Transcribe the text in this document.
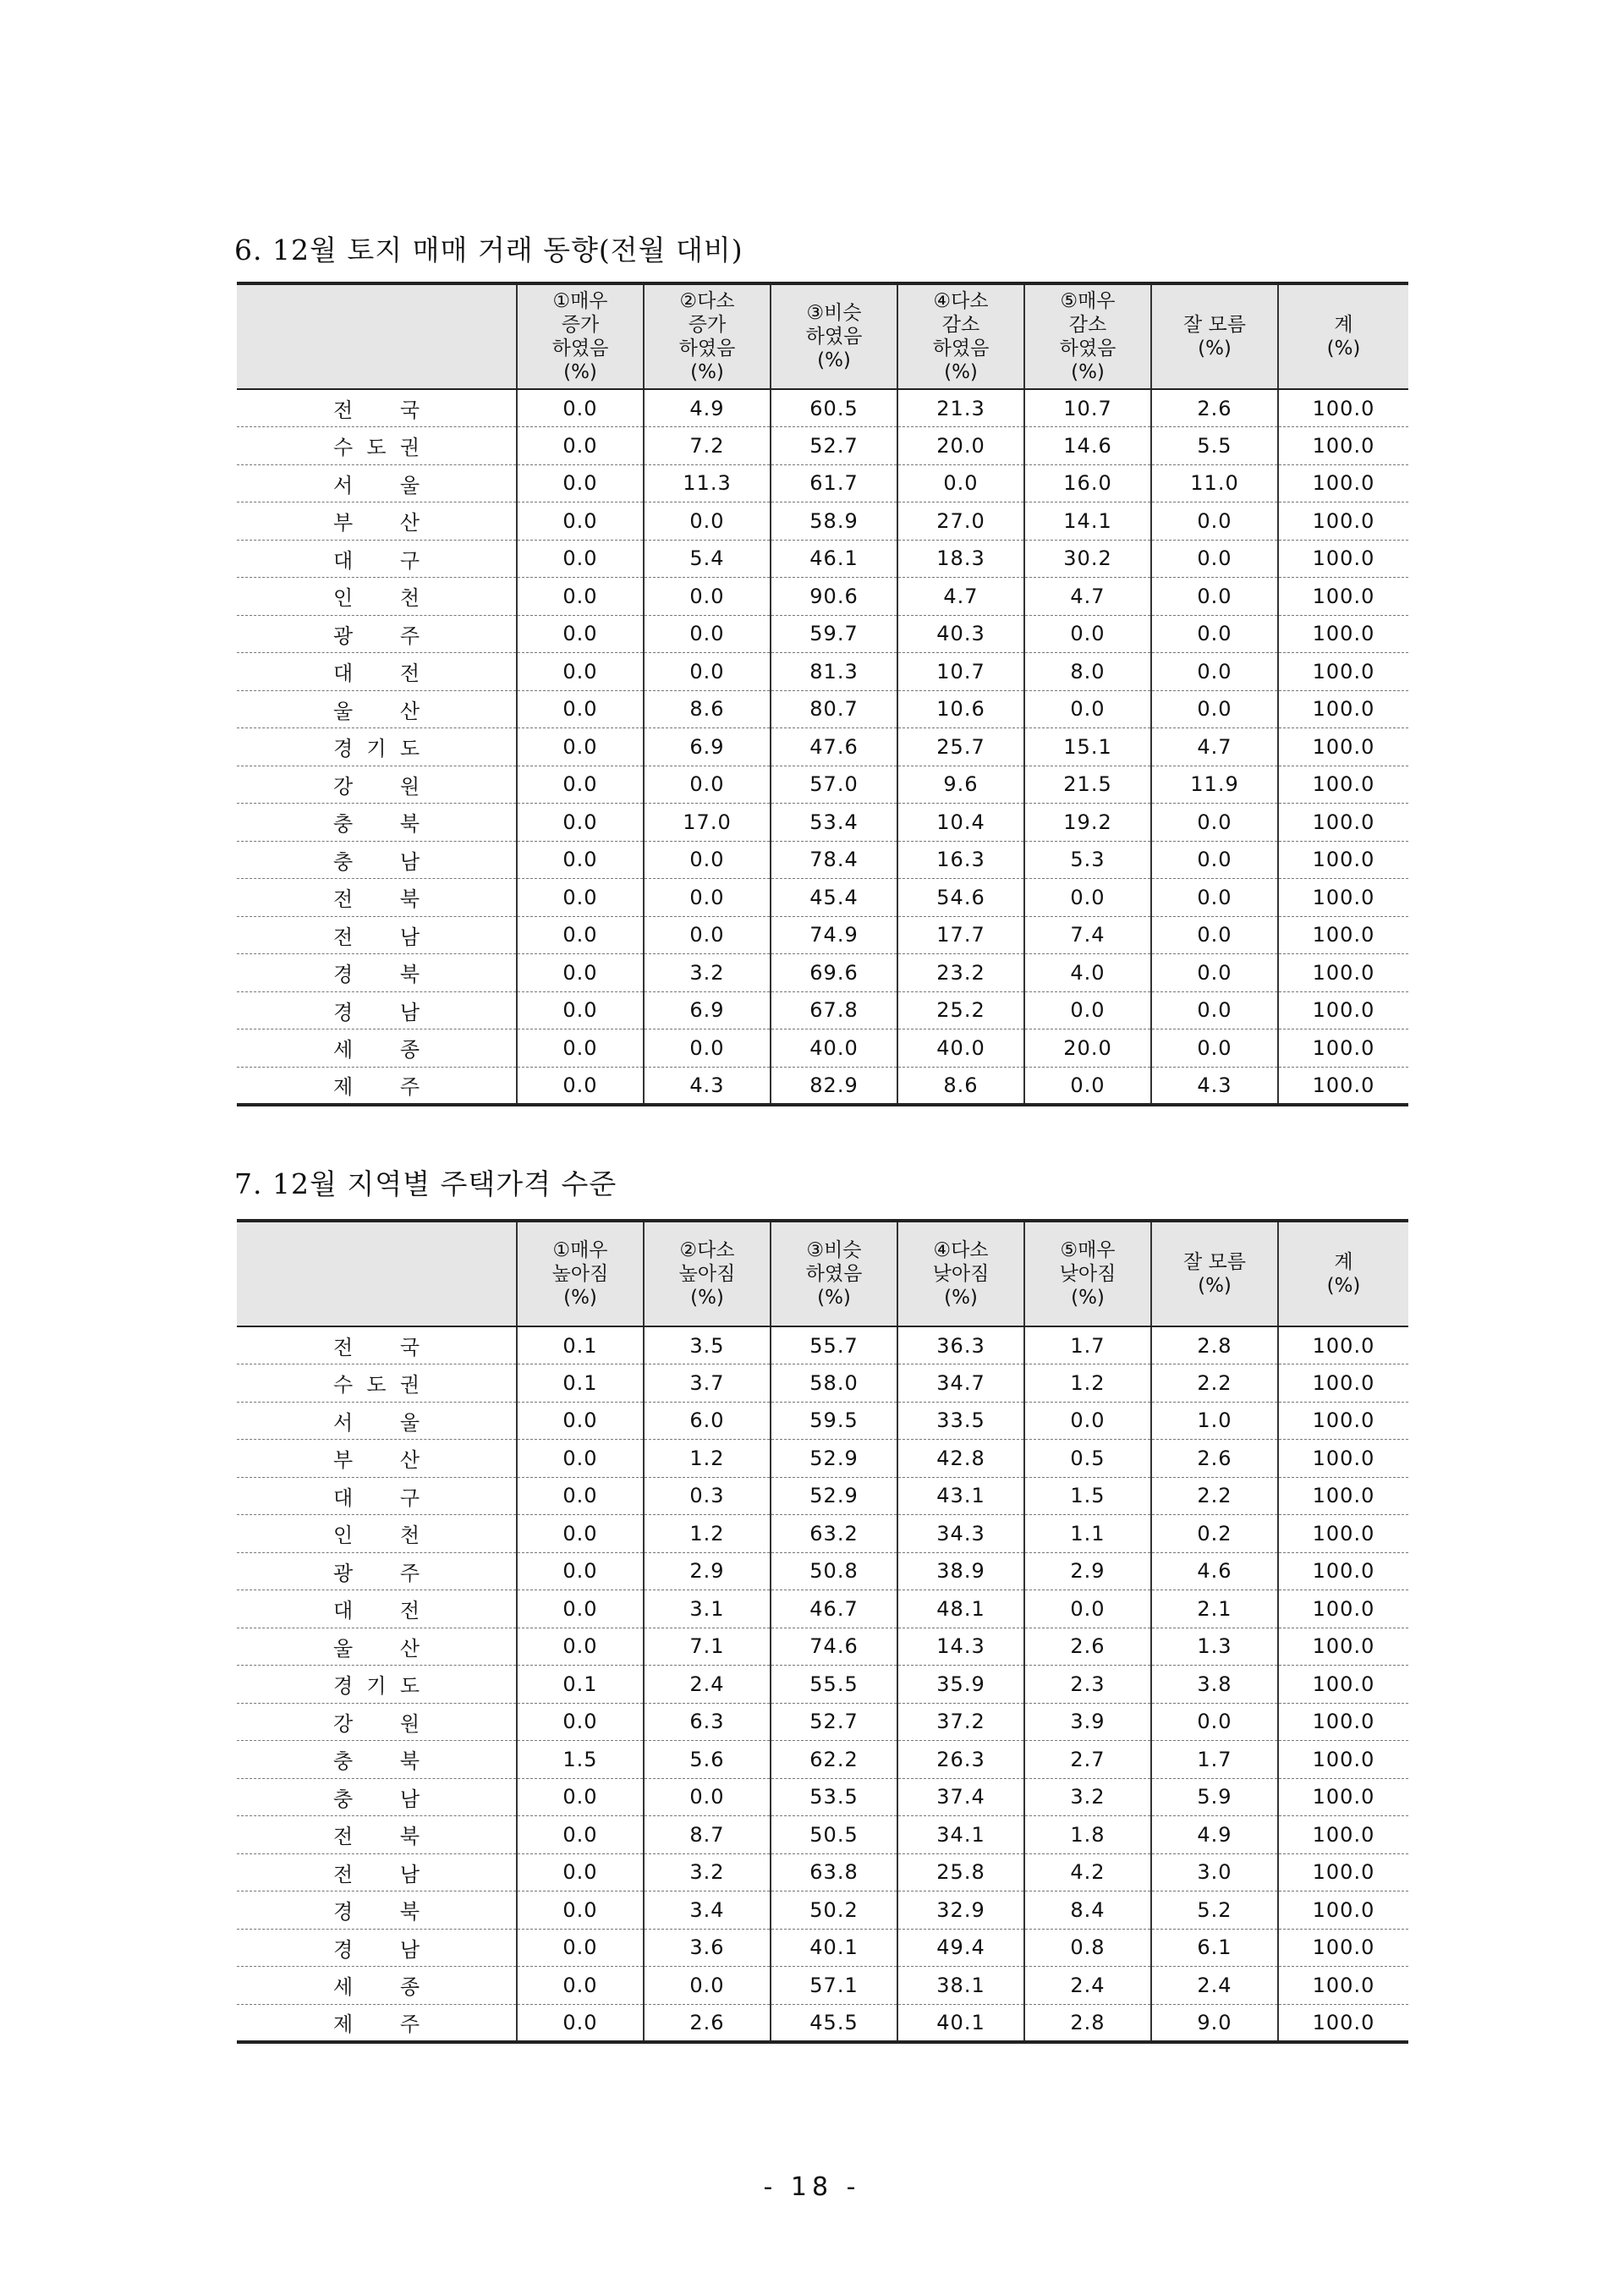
6. 12월 토지 매매 거래 동향(전월 대비)

	①매우
증가
하였음
(%)	②다소
증가
하였음
(%)	③비슷
하였음
(%)	④다소
감소
하였음
(%)	⑤매우
감소
하였음
(%)	잘 모름
(%)	계
(%)

전 국	0.0	4.9	60.5	21.3	10.7	2.6	100.0

수 도 권	0.0	7.2	52.7	20.0	14.6	5.5	100.0

서 울	0.0	11.3	61.7	0.0	16.0	11.0	100.0

부 산	0.0	0.0	58.9	27.0	14.1	0.0	100.0

대 구	0.0	5.4	46.1	18.3	30.2	0.0	100.0

인 천	0.0	0.0	90.6	4.7	4.7	0.0	100.0

광 주	0.0	0.0	59.7	40.3	0.0	0.0	100.0

대 전	0.0	0.0	81.3	10.7	8.0	0.0	100.0

울 산	0.0	8.6	80.7	10.6	0.0	0.0	100.0

경 기 도	0.0	6.9	47.6	25.7	15.1	4.7	100.0

강 원	0.0	0.0	57.0	9.6	21.5	11.9	100.0

충 북	0.0	17.0	53.4	10.4	19.2	0.0	100.0

충 남	0.0	0.0	78.4	16.3	5.3	0.0	100.0

전 북	0.0	0.0	45.4	54.6	0.0	0.0	100.0

전 남	0.0	0.0	74.9	17.7	7.4	0.0	100.0

경 북	0.0	3.2	69.6	23.2	4.0	0.0	100.0

경 남	0.0	6.9	67.8	25.2	0.0	0.0	100.0

세 종	0.0	0.0	40.0	40.0	20.0	0.0	100.0

제 주	0.0	4.3	82.9	8.6	0.0	4.3	100.0
7. 12월 지역별 주택가격 수준

	①매우
높아짐
(%)	②다소
높아짐
(%)	③비슷
하였음
(%)	④다소
낮아짐
(%)	⑤매우
낮아짐
(%)	잘 모름
(%)	계
(%)

전 국	0.1	3.5	55.7	36.3	1.7	2.8	100.0

수 도 권	0.1	3.7	58.0	34.7	1.2	2.2	100.0

서 울	0.0	6.0	59.5	33.5	0.0	1.0	100.0

부 산	0.0	1.2	52.9	42.8	0.5	2.6	100.0

대 구	0.0	0.3	52.9	43.1	1.5	2.2	100.0

인 천	0.0	1.2	63.2	34.3	1.1	0.2	100.0

광 주	0.0	2.9	50.8	38.9	2.9	4.6	100.0

대 전	0.0	3.1	46.7	48.1	0.0	2.1	100.0

울 산	0.0	7.1	74.6	14.3	2.6	1.3	100.0

경 기 도	0.1	2.4	55.5	35.9	2.3	3.8	100.0

강 원	0.0	6.3	52.7	37.2	3.9	0.0	100.0

충 북	1.5	5.6	62.2	26.3	2.7	1.7	100.0

충 남	0.0	0.0	53.5	37.4	3.2	5.9	100.0

전 북	0.0	8.7	50.5	34.1	1.8	4.9	100.0

전 남	0.0	3.2	63.8	25.8	4.2	3.0	100.0

경 북	0.0	3.4	50.2	32.9	8.4	5.2	100.0

경 남	0.0	3.6	40.1	49.4	0.8	6.1	100.0

세 종	0.0	0.0	57.1	38.1	2.4	2.4	100.0

제 주	0.0	2.6	45.5	40.1	2.8	9.0	100.0
- 18 -
